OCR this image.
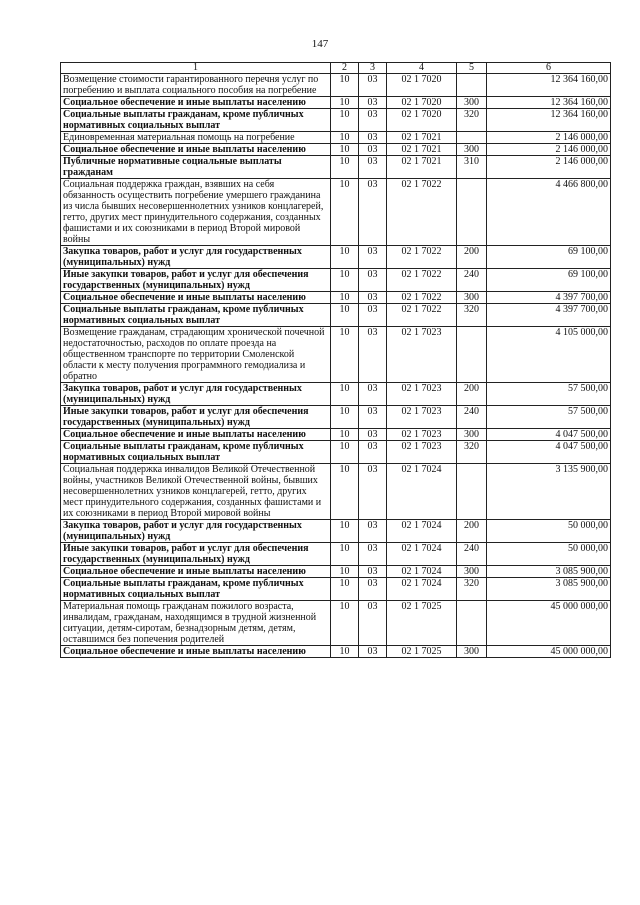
147
1	2	3	4	5	6
Возмещение стоимости гарантированного перечня услуг по погребению и выплата социального пособия на погребение	10	03	02 1 7020		12 364 160,00
Социальное обеспечение и иные выплаты населению	10	03	02 1 7020	300	12 364 160,00
Социальные выплаты гражданам, кроме публичных нормативных социальных выплат	10	03	02 1 7020	320	12 364 160,00
Единовременная материальная помощь на погребение	10	03	02 1 7021		2 146 000,00
Социальное обеспечение и иные выплаты населению	10	03	02 1 7021	300	2 146 000,00
Публичные нормативные социальные выплаты гражданам	10	03	02 1 7021	310	2 146 000,00
Социальная поддержка граждан, взявших на себя обязанность осуществить погребение умершего гражданина из числа бывших несовершеннолетних узников концлагерей, гетто, других мест принудительного содержания, созданных фашистами и их союзниками в период Второй мировой войны	10	03	02 1 7022		4 466 800,00
Закупка товаров, работ и услуг для государственных (муниципальных) нужд	10	03	02 1 7022	200	69 100,00
Иные закупки товаров, работ и услуг для обеспечения государственных (муниципальных) нужд	10	03	02 1 7022	240	69 100,00
Социальное обеспечение и иные выплаты населению	10	03	02 1 7022	300	4 397 700,00
Социальные выплаты гражданам, кроме публичных нормативных социальных выплат	10	03	02 1 7022	320	4 397 700,00
Возмещение гражданам, страдающим хронической почечной недостаточностью, расходов по оплате проезда на общественном транспорте по территории Смоленской области к месту получения программного гемодиализа и обратно	10	03	02 1 7023		4 105 000,00
Закупка товаров, работ и услуг для государственных (муниципальных) нужд	10	03	02 1 7023	200	57 500,00
Иные закупки товаров, работ и услуг для обеспечения государственных (муниципальных) нужд	10	03	02 1 7023	240	57 500,00
Социальное обеспечение и иные выплаты населению	10	03	02 1 7023	300	4 047 500,00
Социальные выплаты гражданам, кроме публичных нормативных социальных выплат	10	03	02 1 7023	320	4 047 500,00
Социальная поддержка инвалидов Великой Отечественной войны, участников Великой Отечественной войны, бывших несовершеннолетних узников концлагерей, гетто, других мест принудительного содержания, созданных фашистами и их союзниками в период Второй мировой войны	10	03	02 1 7024		3 135 900,00
Закупка товаров, работ и услуг для государственных (муниципальных) нужд	10	03	02 1 7024	200	50 000,00
Иные закупки товаров, работ и услуг для обеспечения государственных (муниципальных) нужд	10	03	02 1 7024	240	50 000,00
Социальное обеспечение и иные выплаты населению	10	03	02 1 7024	300	3 085 900,00
Социальные выплаты гражданам, кроме публичных нормативных социальных выплат	10	03	02 1 7024	320	3 085 900,00
Материальная помощь гражданам пожилого возраста, инвалидам, гражданам, находящимся в трудной жизненной ситуации, детям-сиротам, безнадзорным детям, детям, оставшимся без попечения родителей	10	03	02 1 7025		45 000 000,00
Социальное обеспечение и иные выплаты населению	10	03	02 1 7025	300	45 000 000,00
